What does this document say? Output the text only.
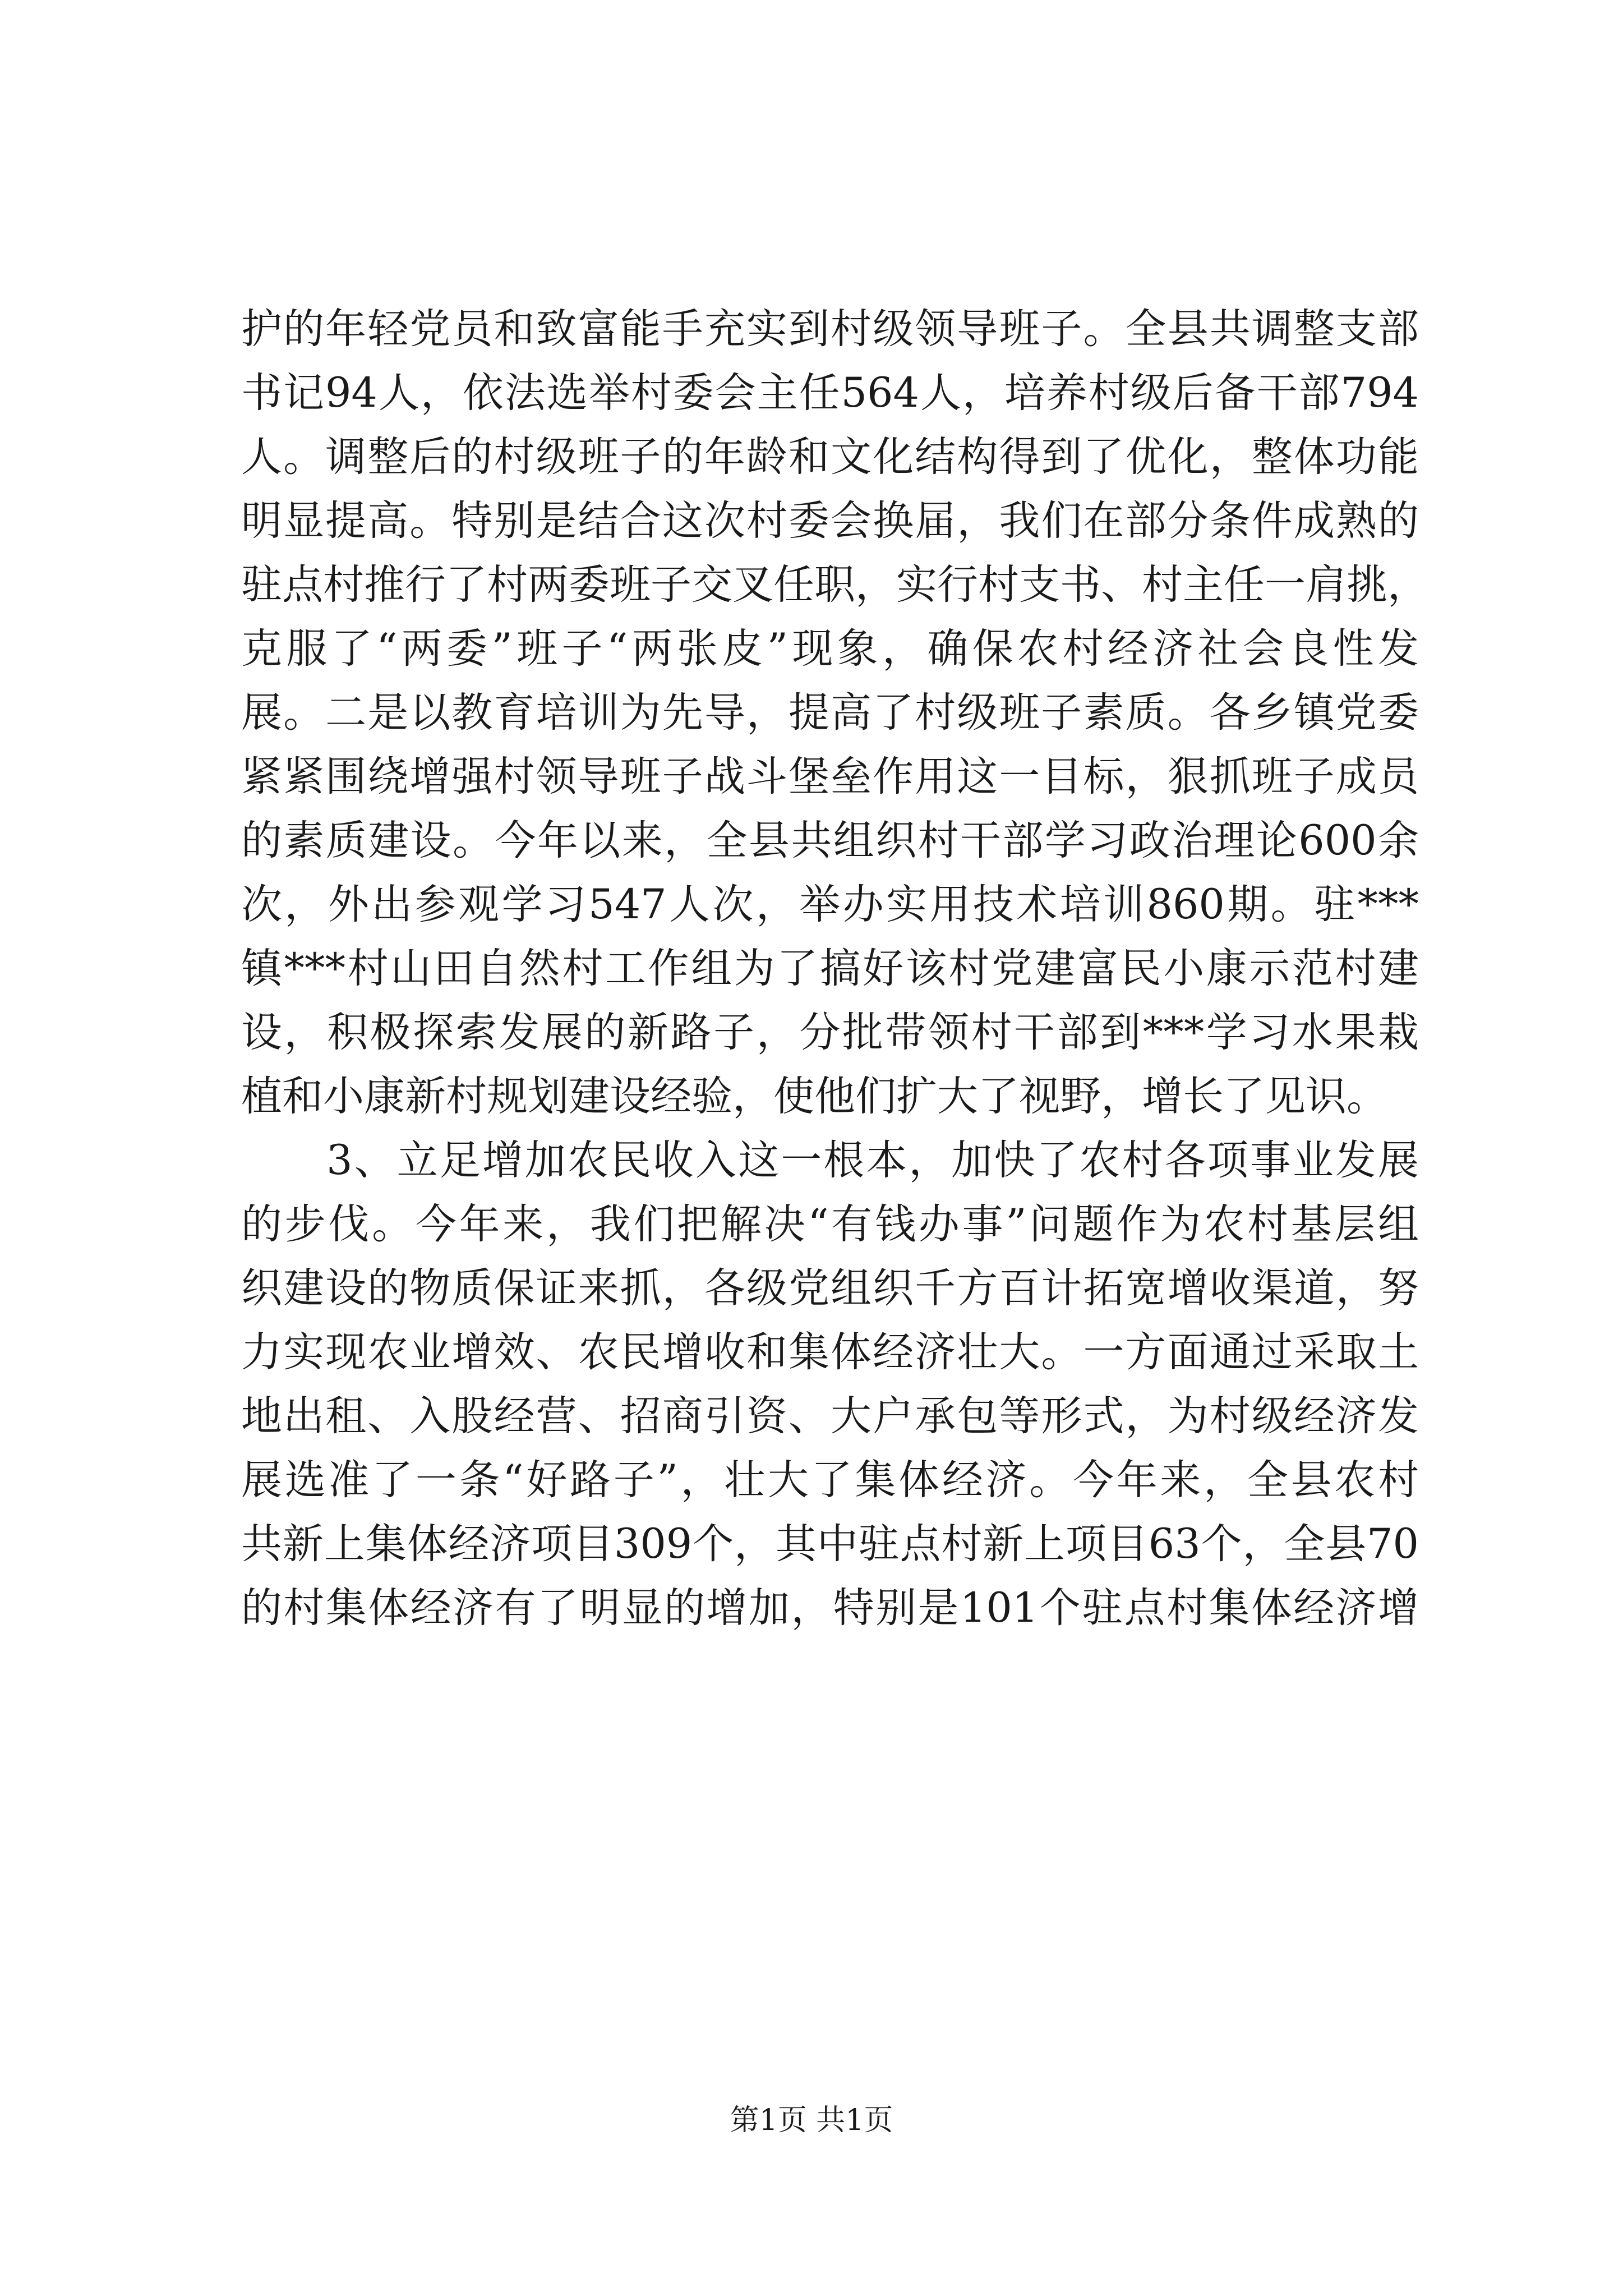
护的年轻党员和致富能手充实到村级领导班子。全县共调整支部
书记94人，依法选举村委会主任564人，培养村级后备干部794
人。调整后的村级班子的年龄和文化结构得到了优化，整体功能
明显提高。特别是结合这次村委会换届，我们在部分条件成熟的
驻点村推行了村两委班子交叉任职，实行村支书、村主任一肩挑，
克服了“两委”班子“两张皮”现象，确保农村经济社会良性发
展。二是以教育培训为先导，提高了村级班子素质。各乡镇党委
紧紧围绕增强村领导班子战斗堡垒作用这一目标，狠抓班子成员
的素质建设。今年以来，全县共组织村干部学习政治理论600余
次，外出参观学习547人次，举办实用技术培训860期。驻***
镇***村山田自然村工作组为了搞好该村党建富民小康示范村建
设，积极探索发展的新路子，分批带领村干部到***学习水果栽
植和小康新村规划建设经验，使他们扩大了视野，增长了见识。
　　3、立足增加农民收入这一根本，加快了农村各项事业发展
的步伐。今年来，我们把解决“有钱办事”问题作为农村基层组
织建设的物质保证来抓，各级党组织千方百计拓宽增收渠道，努
力实现农业增效、农民增收和集体经济壮大。一方面通过采取土
地出租、入股经营、招商引资、大户承包等形式，为村级经济发
展选准了一条“好路子”，壮大了集体经济。今年来，全县农村
共新上集体经济项目309个，其中驻点村新上项目63个，全县70
的村集体经济有了明显的增加，特别是101个驻点村集体经济增
第1页 共1页
